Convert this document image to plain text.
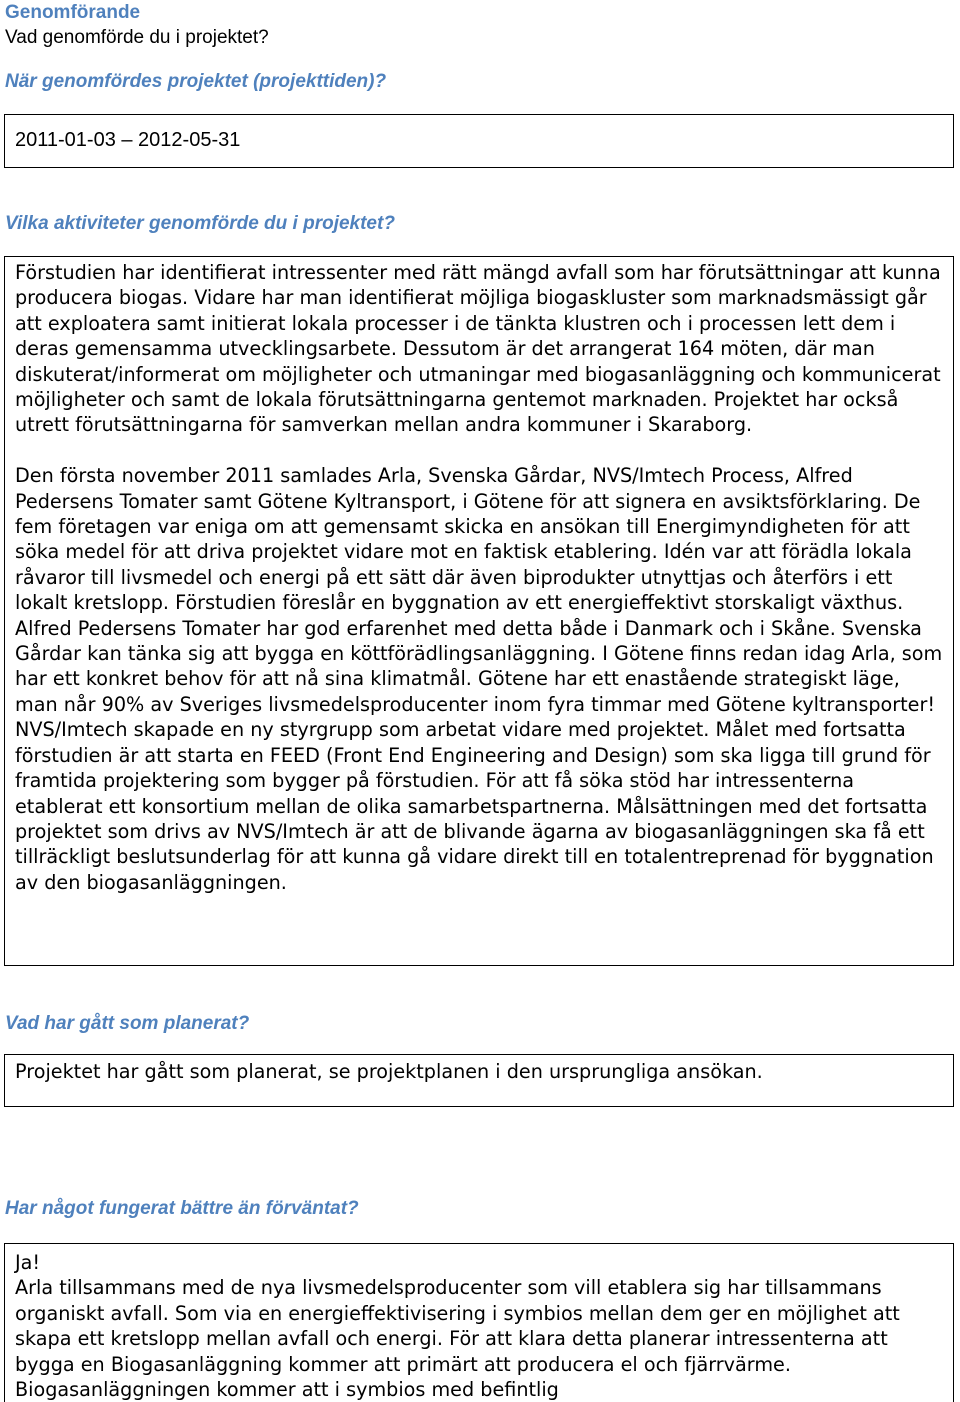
Genomförande

Vad genomförde du i projektet?

När genomfördes projektet (projekttiden)?

2011-01-03 – 2012-05-31

Vilka aktiviteter genomförde du i projektet?

Förstudien har identifierat intressenter med rätt mängd avfall som har förutsättningar att kunna producera biogas. Vidare har man identifierat möjliga biogaskluster som marknadsmässigt går att exploatera samt initierat lokala processer i de tänkta klustren och i processen lett dem i deras gemensamma utvecklingsarbete. Dessutom är det arrangerat 164 möten, där man diskuterat/informerat om möjligheter och utmaningar med biogasanläggning och kommunicerat möjligheter och samt de lokala förutsättningarna gentemot marknaden. Projektet har också utrett förutsättningarna för samverkan mellan andra kommuner i Skaraborg.

Den första november 2011 samlades Arla, Svenska Gårdar, NVS/Imtech Process, Alfred Pedersens Tomater samt Götene Kyltransport, i Götene för att signera en avsiktsförklaring. De fem företagen var eniga om att gemensamt skicka en ansökan till Energimyndigheten för att söka medel för att driva projektet vidare mot en faktisk etablering. Idén var att förädla lokala råvaror till livsmedel och energi på ett sätt där även biprodukter utnyttjas och återförs i ett lokalt kretslopp. Förstudien föreslår en byggnation av ett energieffektivt storskaligt växthus. Alfred Pedersens Tomater har god erfarenhet med detta både i Danmark och i Skåne. Svenska Gårdar kan tänka sig att bygga en köttförädlingsanläggning. I Götene finns redan idag Arla, som har ett konkret behov för att nå sina klimatmål. Götene har ett enastående strategiskt läge, man når 90% av Sveriges livsmedelsproducenter inom fyra timmar med Götene kyltransporter! NVS/Imtech skapade en ny styrgrupp som arbetat vidare med projektet. Målet med fortsatta förstudien är att starta en FEED (Front End Engineering and Design) som ska ligga till grund för framtida projektering som bygger på förstudien. För att få söka stöd har intressenterna etablerat ett konsortium mellan de olika samarbetspartnerna. Målsättningen med det fortsatta projektet som drivs av NVS/Imtech är att de blivande ägarna av biogasanläggningen ska få ett tillräckligt beslutsunderlag för att kunna gå vidare direkt till en totalentreprenad för byggnation av den biogasanläggningen.

Vad har gått som planerat?

Projektet har gått som planerat, se projektplanen i den ursprungliga ansökan.

Har något fungerat bättre än förväntat?

Ja!

Arla tillsammans med de nya livsmedelsproducenter som vill etablera sig har tillsammans organiskt avfall. Som via en energieffektivisering i symbios mellan dem ger en möjlighet att skapa ett kretslopp mellan avfall och energi. För att klara detta planerar intressenterna att bygga en Biogasanläggning kommer att primärt att producera el och fjärrvärme. Biogasanläggningen kommer att i symbios med befintlig
